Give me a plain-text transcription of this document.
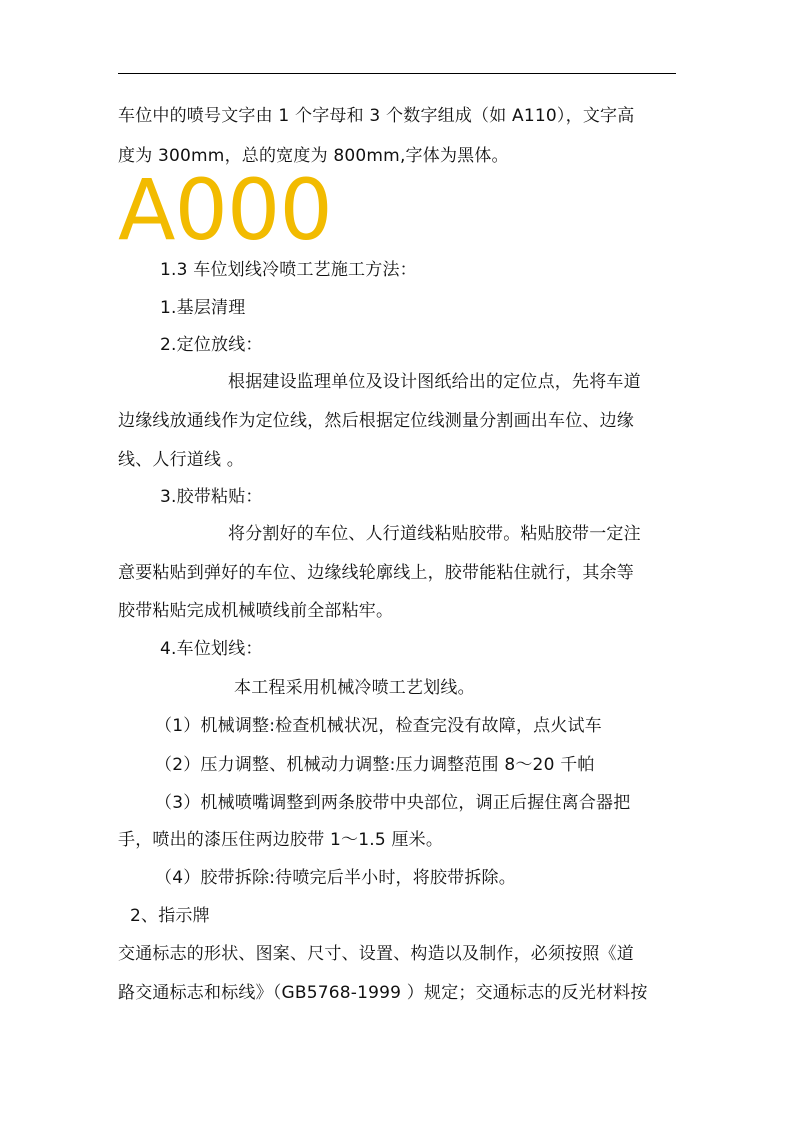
车位中的喷号文字由 1 个字母和 3 个数字组成（如 A110），文字高
度为 300mm，总的宽度为 800mm,字体为黑体。
A000
1.3 车位划线冷喷工艺施工方法：
1.基层清理
2.定位放线：
根据建设监理单位及设计图纸给出的定位点，先将车道
边缘线放通线作为定位线，然后根据定位线测量分割画出车位、边缘
线、人行道线 。
3.胶带粘贴：
将分割好的车位、人行道线粘贴胶带。粘贴胶带一定注
意要粘贴到弹好的车位、边缘线轮廓线上，胶带能粘住就行，其余等
胶带粘贴完成机械喷线前全部粘牢。
4.车位划线：
本工程采用机械冷喷工艺划线。
（1）机械调整:检查机械状况，检查完没有故障，点火试车
（2）压力调整、机械动力调整:压力调整范围 8～20 千帕
（3）机械喷嘴调整到两条胶带中央部位，调正后握住离合器把
手，喷出的漆压住两边胶带 1～1.5 厘米。
（4）胶带拆除:待喷完后半小时，将胶带拆除。
2、指示牌
交通标志的形状、图案、尺寸、设置、构造以及制作，必须按照《道
路交通标志和标线》（GB5768-1999 ）规定；交通标志的反光材料按
